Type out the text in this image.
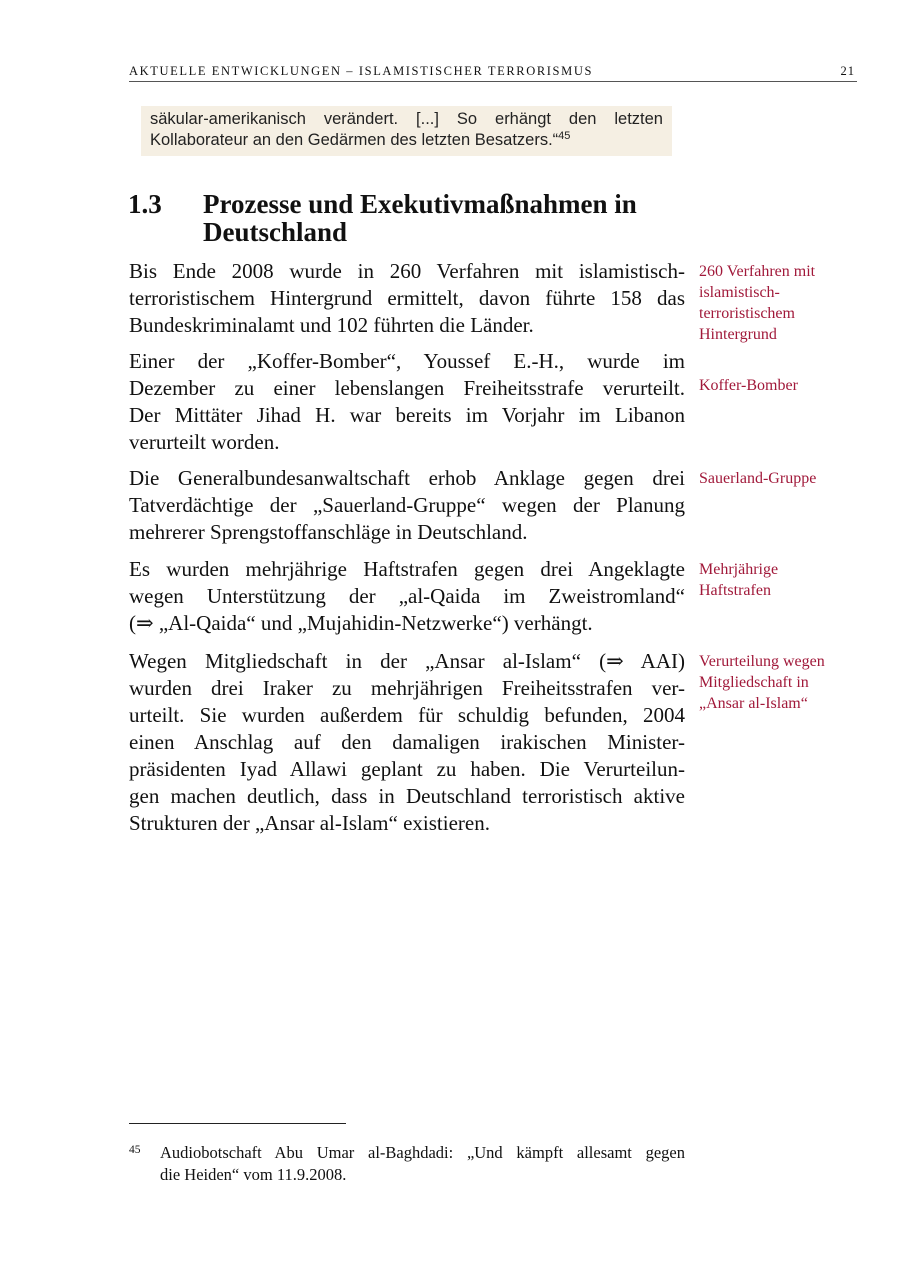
AKTUELLE ENTWICKLUNGEN – ISLAMISTISCHER TERRORISMUS	21
säkular-amerikanisch verändert. [...] So erhängt den letzten
Kollaborateur an den Gedärmen des letzten Besatzers.“$^{45}$
1.3 Prozesse und Exekutivmaßnahmen in
Deutschland
Bis Ende 2008 wurde in 260 Verfahren mit islamistisch-
terroristischem Hintergrund ermittelt, davon führte 158 das
Bundeskriminalamt und 102 führten die Länder.
260 Verfahren mit
islamistisch-
terroristischem
Hintergrund
Einer der „Koffer-Bomber“, Youssef E.-H., wurde im
Dezember zu einer lebenslangen Freiheitsstrafe verurteilt.
Der Mittäter Jihad H. war bereits im Vorjahr im Libanon
verurteilt worden.
Koffer-Bomber
Die Generalbundesanwaltschaft erhob Anklage gegen drei
Tatverdächtige der „Sauerland-Gruppe“ wegen der Planung
mehrerer Sprengstoffanschläge in Deutschland.
Sauerland-Gruppe
Es wurden mehrjährige Haftstrafen gegen drei Angeklagte
wegen Unterstützung der „al-Qaida im Zweistromland“
(⇒ „Al-Qaida“ und „Mujahidin-Netzwerke“) verhängt.
Mehrjährige
Haftstrafen
Wegen Mitgliedschaft in der „Ansar al-Islam“ (⇒ AAI)
wurden drei Iraker zu mehrjährigen Freiheitsstrafen ver-
urteilt. Sie wurden außerdem für schuldig befunden, 2004
einen Anschlag auf den damaligen irakischen Minister-
präsidenten Iyad Allawi geplant zu haben. Die Verurteilun-
gen machen deutlich, dass in Deutschland terroristisch aktive
Strukturen der „Ansar al-Islam“ existieren.
Verurteilung wegen
Mitgliedschaft in
„Ansar al-Islam“
45 Audiobotschaft Abu Umar al-Baghdadi: „Und kämpft allesamt gegen
die Heiden“ vom 11.9.2008.
